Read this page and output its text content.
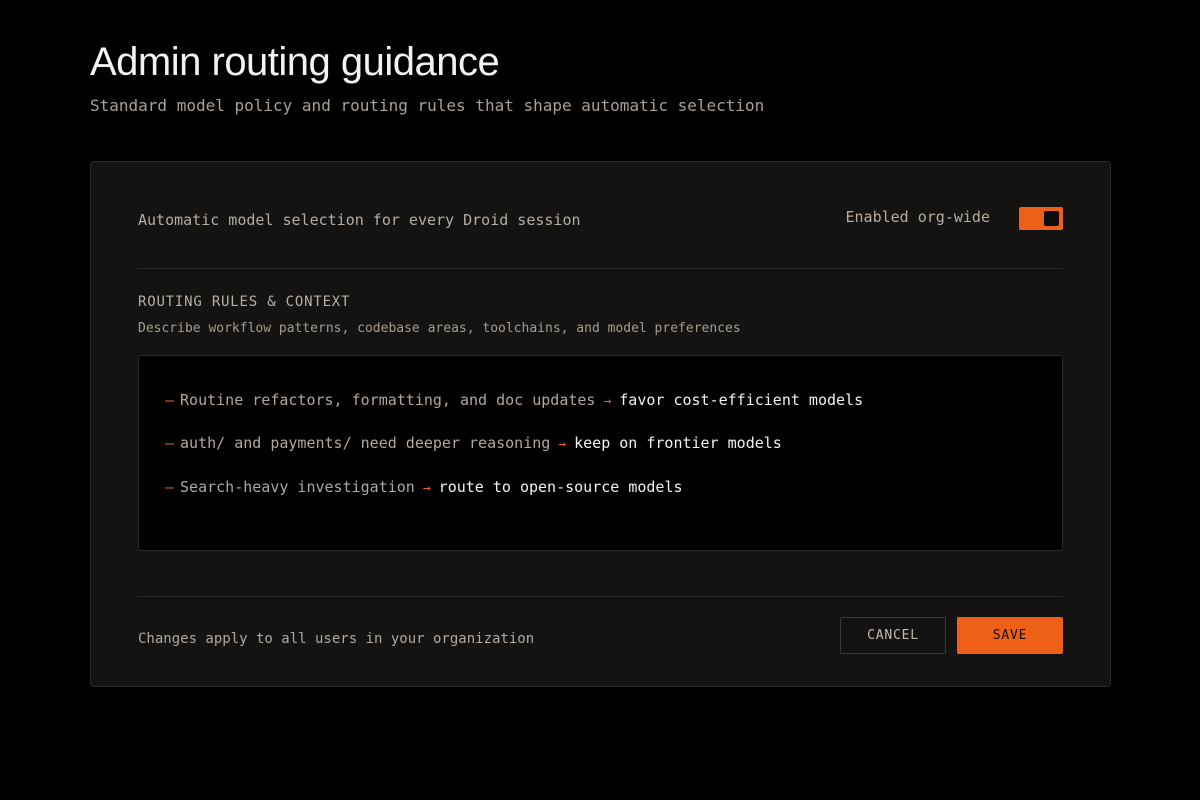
Admin routing guidance

Standard model policy and routing rules that shape automatic selection

Automatic model selection for every Droid session	Enabled org-wide
ROUTING RULES & CONTEXT
Describe workflow patterns, codebase areas, toolchains, and model preferences
– Routine refactors, formatting, and doc updates → favor cost-efficient models
– auth/ and payments/ need deeper reasoning → keep on frontier models
– Search-heavy investigation → route to open-source models
Changes apply to all users in your organization	CANCEL	SAVE
